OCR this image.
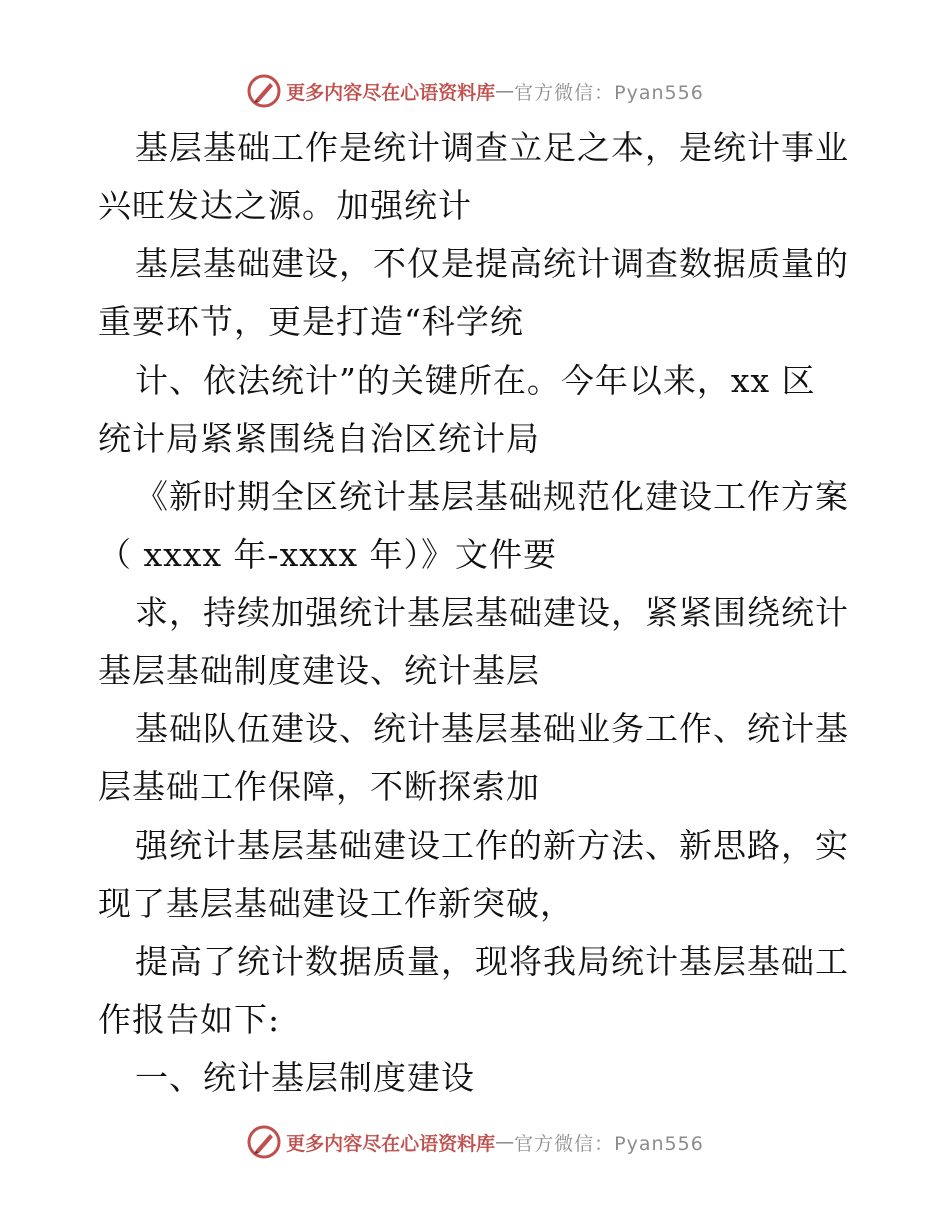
更多内容尽在心语资料库 — 官方微信：Pyan556
基层基础工作是统计调查立足之本，是统计事业
兴旺发达之源。加强统计
基层基础建设，不仅是提高统计调查数据质量的
重要环节，更是打造“科学统
计、依法统计”的关键所在。今年以来，xx 区
统计局紧紧围绕自治区统计局
《新时期全区统计基层基础规范化建设工作方案
（ xxxx 年-xxxx 年）》文件要
求，持续加强统计基层基础建设，紧紧围绕统计
基层基础制度建设、统计基层
基础队伍建设、统计基层基础业务工作、统计基
层基础工作保障，不断探索加
强统计基层基础建设工作的新方法、新思路，实
现了基层基础建设工作新突破，
提高了统计数据质量，现将我局统计基层基础工
作报告如下:
一、统计基层制度建设
更多内容尽在心语资料库 — 官方微信：Pyan556
